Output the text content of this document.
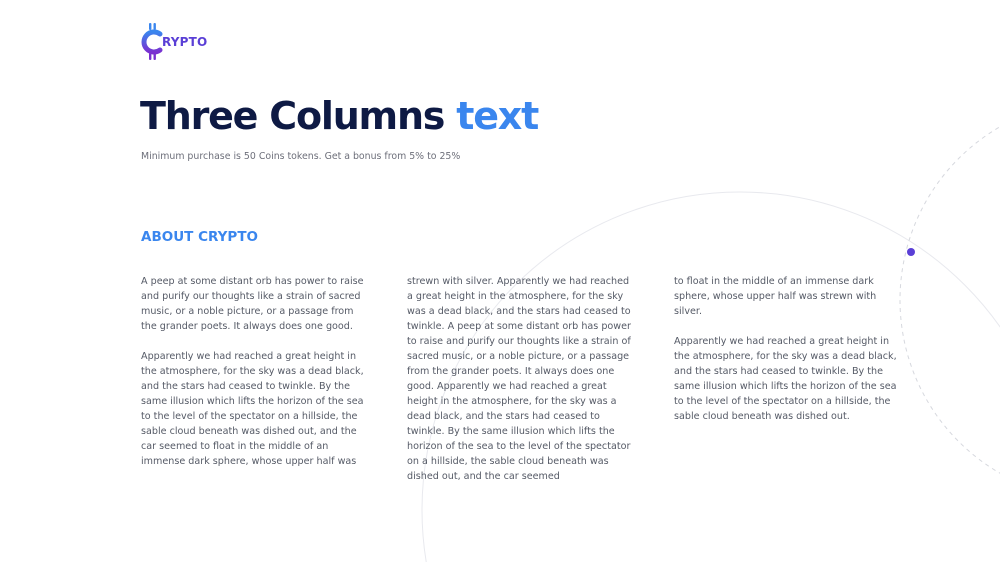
RYPTO
Three Columns text

Minimum purchase is 50 Coins tokens. Get a bonus from 5% to 25%

ABOUT CRYPTO

A peep at some distant orb has power to raise and purify our thoughts like a strain of sacred music, or a noble picture, or a passage from the grander poets. It always does one good.

Apparently we had reached a great height in the atmosphere, for the sky was a dead black, and the stars had ceased to twinkle. By the same illusion which lifts the horizon of the sea to the level of the spectator on a hillside, the sable cloud beneath was dished out, and the car seemed to float in the middle of an immense dark sphere, whose upper half was

strewn with silver. Apparently we had reached a great height in the atmosphere, for the sky was a dead black, and the stars had ceased to twinkle. A peep at some distant orb has power to raise and purify our thoughts like a strain of sacred music, or a noble picture, or a passage from the grander poets. It always does one good. Apparently we had reached a great height in the atmosphere, for the sky was a dead black, and the stars had ceased to twinkle. By the same illusion which lifts the horizon of the sea to the level of the spectator on a hillside, the sable cloud beneath was dished out, and the car seemed

to float in the middle of an immense dark sphere, whose upper half was strewn with silver.

Apparently we had reached a great height in the atmosphere, for the sky was a dead black, and the stars had ceased to twinkle. By the same illusion which lifts the horizon of the sea to the level of the spectator on a hillside, the sable cloud beneath was dished out.
